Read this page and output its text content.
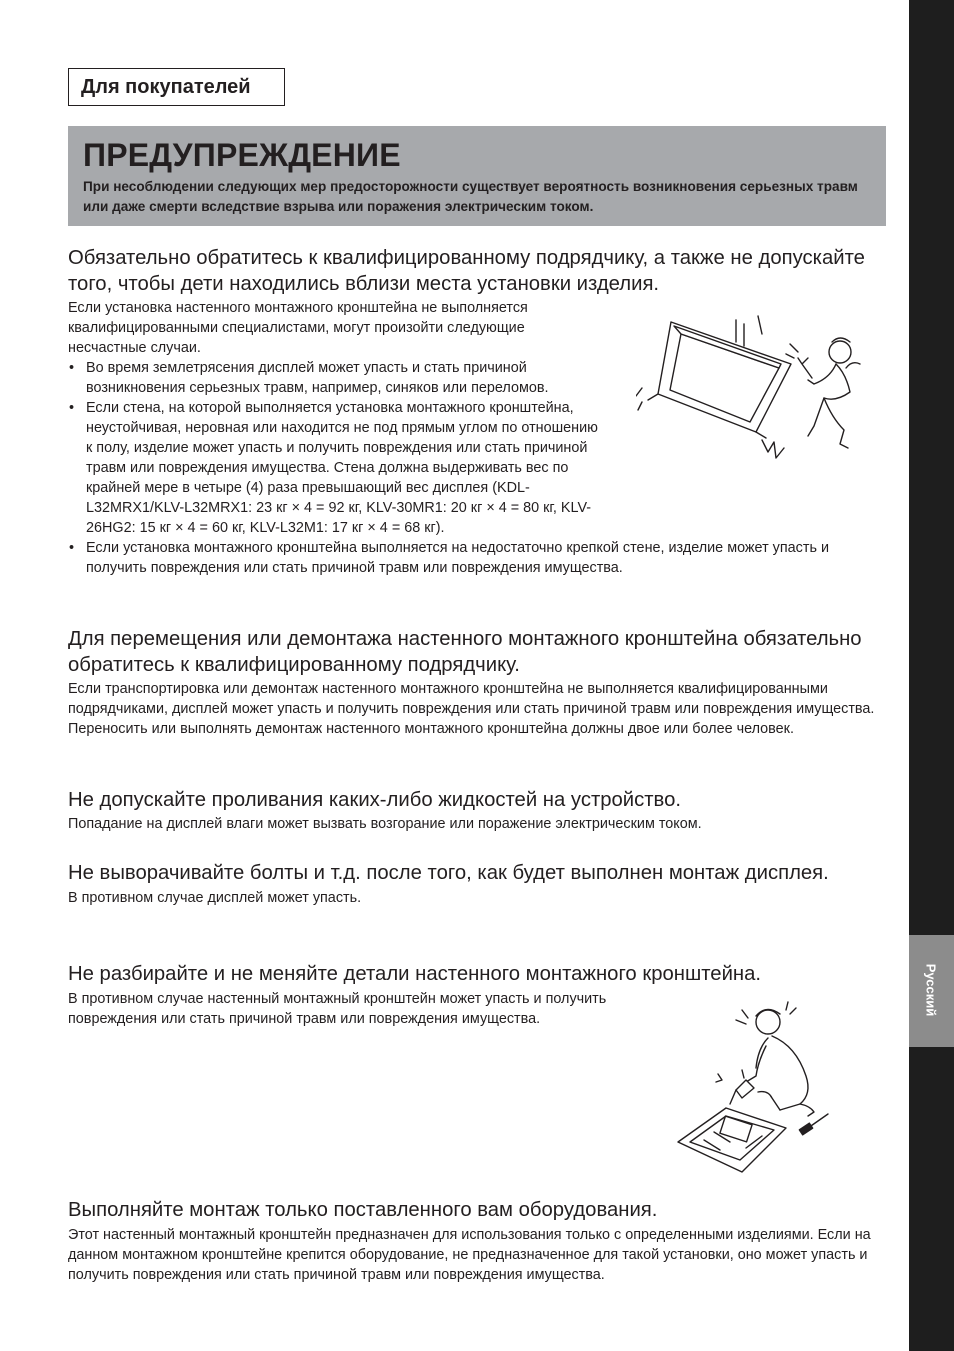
Русский
Для покупателей
ПРЕДУПРЕЖДЕНИЕ

При несоблюдении следующих мер предосторожности существует вероятность возникновения серьезных травм или даже смерти вследствие взрыва или поражения электрическим током.

Обязательно обратитесь к квалифицированному подрядчику, а также не допускайте того, чтобы дети находились вблизи места установки изделия.

Если установка настенного монтажного кронштейна не выполняется квалифицированными специалистами, могут произойти следующие несчастные случаи.

• Во время землетрясения дисплей может упасть и стать причиной возникновения серьезных травм, например, синяков или переломов.
• Если стена, на которой выполняется установка монтажного кронштейна, неустойчивая, неровная или находится не под прямым углом по отношению к полу, изделие может упасть и получить повреждения или стать причиной травм или повреждения имущества. Стена должна выдерживать вес по крайней мере в четыре (4) раза превышающий вес дисплея (KDL-L32MRX1/KLV-L32MRX1: 23 кг × 4 = 92 кг, KLV-30MR1: 20 кг × 4 = 80 кг, KLV-26HG2: 15 кг × 4 = 60 кг, KLV-L32M1: 17 кг × 4 = 68 кг).
• Если установка монтажного кронштейна выполняется на недостаточно крепкой стене, изделие может упасть и получить повреждения или стать причиной травм или повреждения имущества.
Для перемещения или демонтажа настенного монтажного кронштейна обязательно обратитесь к квалифицированному подрядчику.

Если транспортировка или демонтаж настенного монтажного кронштейна не выполняется квалифицированными подрядчиками, дисплей может упасть и получить повреждения или стать причиной травм или повреждения имущества. Переносить или выполнять демонтаж настенного монтажного кронштейна должны двое или более человек.

Не допускайте проливания каких-либо жидкостей на устройство.

Попадание на дисплей влаги может вызвать возгорание или поражение электрическим током.

Не выворачивайте болты и т.д. после того, как будет выполнен монтаж дисплея.

В противном случае дисплей может упасть.

Не разбирайте и не меняйте детали настенного монтажного кронштейна.

В противном случае настенный монтажный кронштейн может упасть и получить повреждения или стать причиной травм или повреждения имущества.

Выполняйте монтаж только поставленного вам оборудования.

Этот настенный монтажный кронштейн предназначен для использования только с определенными изделиями. Если на данном монтажном кронштейне крепится оборудование, не предназначенное для такой установки, оно может упасть и получить повреждения или стать причиной травм или повреждения имущества.
